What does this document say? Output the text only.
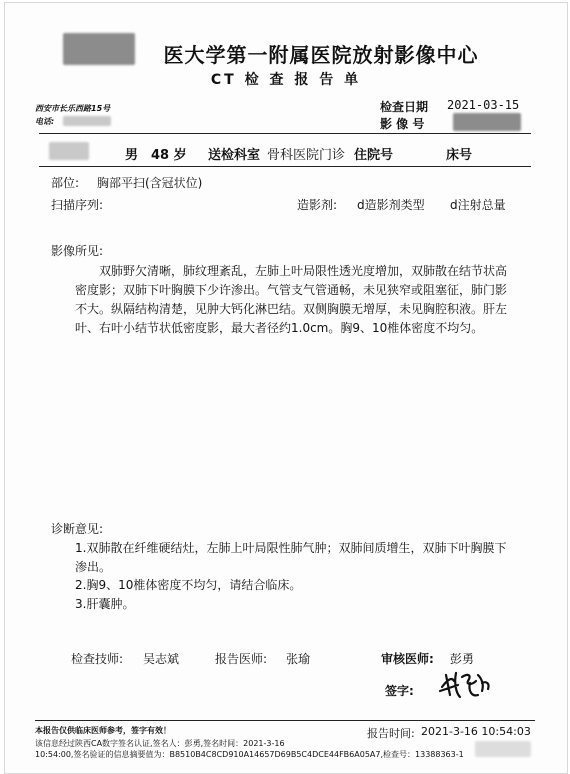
医大学第一附属医院放射影像中心
CT 检 查 报 告 单
西安市长乐西路15号
电话:
检查日期 2021-03-15
影 像 号
男 48 岁 送检科室 骨科医院门诊 住院号	床号
部位: 胸部平扫(含冠状位)
扫描序列:	造影剂: d造影剂类型 d注射总量
影像所见:
双肺野欠清晰，肺纹理紊乱，左肺上叶局限性透光度增加，双肺散在结节状高密度影；双肺下叶胸膜下少许渗出。气管支气管通畅，未见狭窄或阻塞征，肺门影不大。纵隔结构清楚，见肿大钙化淋巴结。双侧胸膜无增厚，未见胸腔积液。肝左叶、右叶小结节状低密度影，最大者径约1.0cm。胸9、10椎体密度不均匀。
诊断意见:
1.双肺散在纤维硬结灶，左肺上叶局限性肺气肿；双肺间质增生，双肺下叶胸膜下渗出。
2.胸9、10椎体密度不均匀，请结合临床。
3.肝囊肿。
检查技师: 吴志斌	报告医师: 张瑜	审核医师: 彭勇
签字:
本报告仅供临床医师参考，签字有效！
该信息经过陕西CA数字签名认证,签名人：彭勇,签名时间：2021-3-16
10:54:00,签名验证的信息摘要值为：B8510B4C8CD910A14657D69B5C4DCE44FB6A05A7,检查号：13388363-1
报告时间: 2021-3-16 10:54:03
